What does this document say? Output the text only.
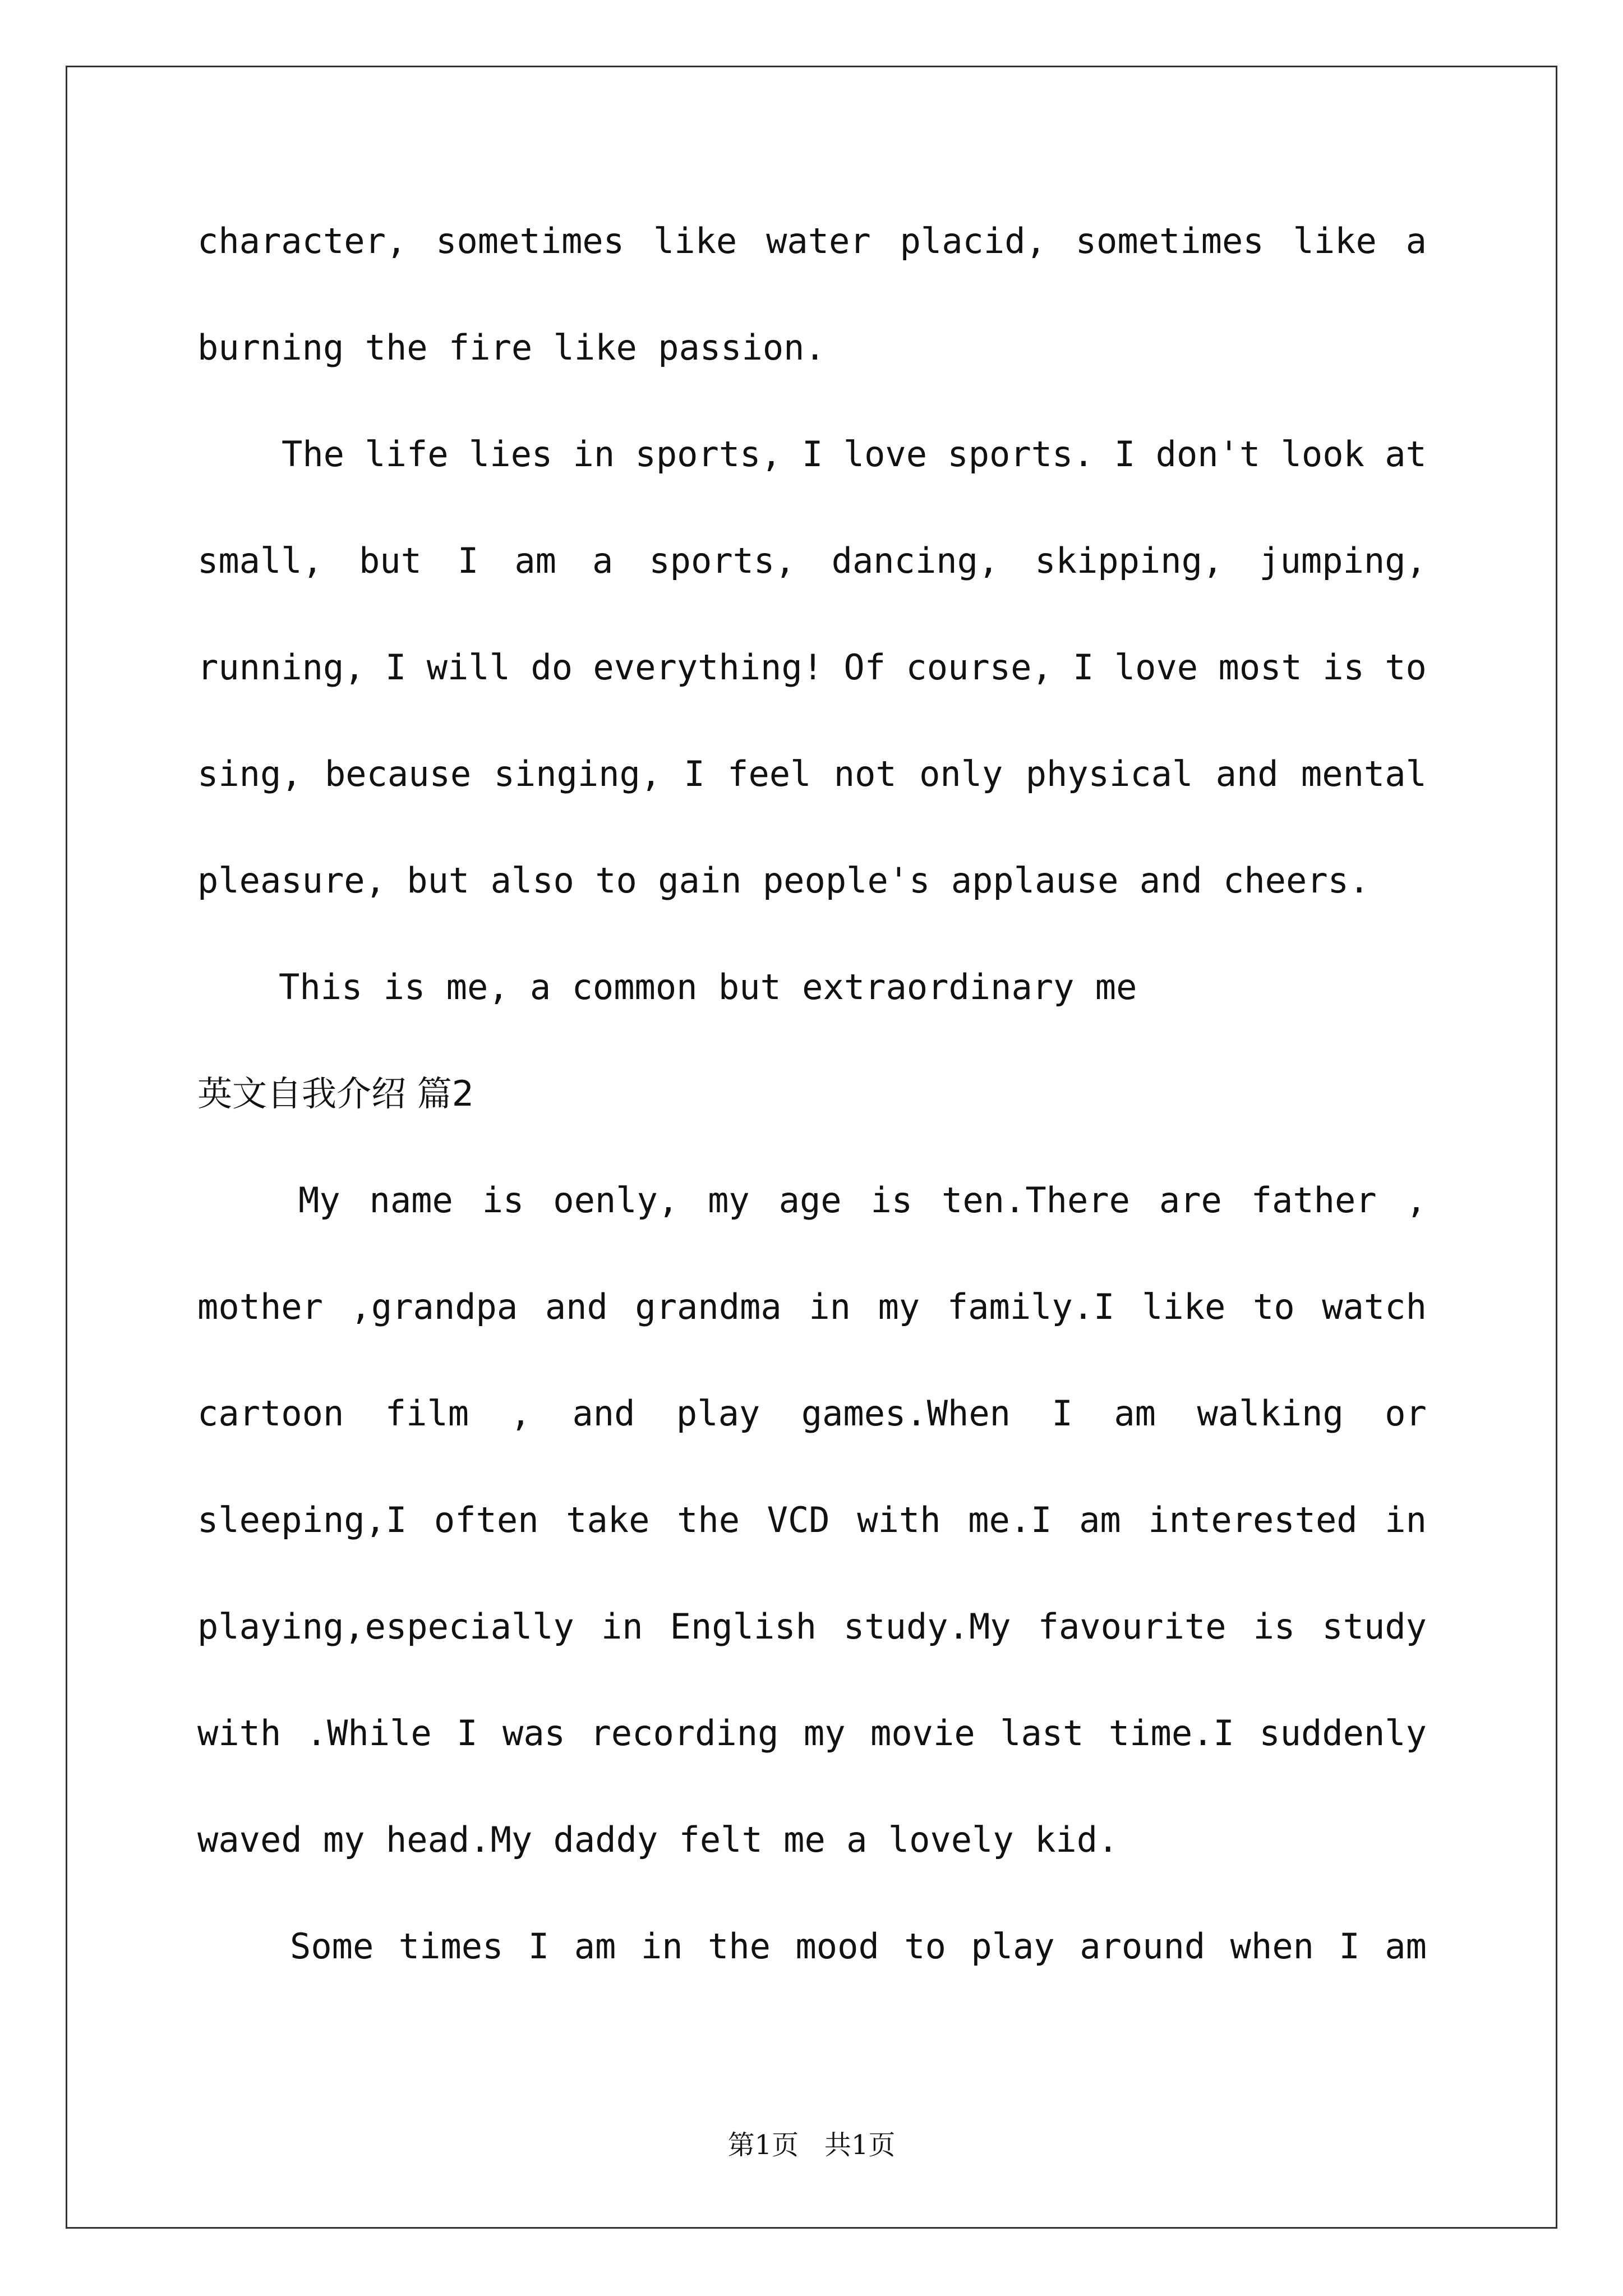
character, sometimes like water placid, sometimes like a
burning the fire like passion.
The life lies in sports, I love sports. I don't look at
small, but I am a sports, dancing, skipping, jumping,
running, I will do everything! Of course, I love most is to
sing, because singing, I feel not only physical and mental
pleasure, but also to gain people's applause and cheers.
This is me, a common but extraordinary me
英文自我介绍 篇2
My name is oenly, my age is ten.There are father ,
mother ,grandpa and grandma in my family.I like to watch
cartoon film , and play games.When I am walking or
sleeping,I often take the VCD with me.I am interested in
playing,especially in English study.My favourite is study
with .While I was recording my movie last time.I suddenly
waved my head.My daddy felt me a lovely kid.
Some times I am in the mood to play around when I am
第1页   共1页
